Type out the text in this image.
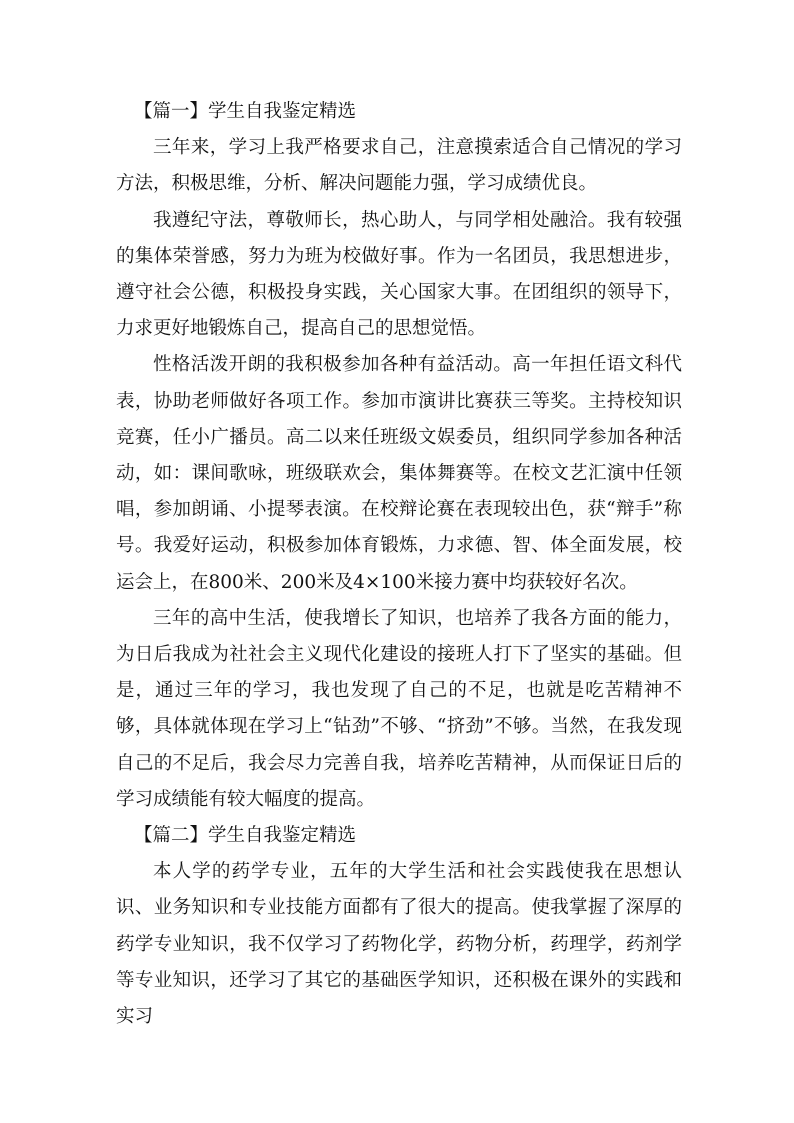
【篇一】学生自我鉴定精选

三年来，学习上我严格要求自己，注意摸索适合自己情况的学习方法，积极思维，分析、解决问题能力强，学习成绩优良。

我遵纪守法，尊敬师长，热心助人，与同学相处融洽。我有较强的集体荣誉感，努力为班为校做好事。作为一名团员，我思想进步，遵守社会公德，积极投身实践，关心国家大事。在团组织的领导下，力求更好地锻炼自己，提高自己的思想觉悟。

性格活泼开朗的我积极参加各种有益活动。高一年担任语文科代表，协助老师做好各项工作。参加市演讲比赛获三等奖。主持校知识竞赛，任小广播员。高二以来任班级文娱委员，组织同学参加各种活动，如：课间歌咏，班级联欢会，集体舞赛等。在校文艺汇演中任领唱，参加朗诵、小提琴表演。在校辩论赛在表现较出色，获“辩手”称号。我爱好运动，积极参加体育锻炼，力求德、智、体全面发展，校运会上，在800米、200米及4×100米接力赛中均获较好名次。

三年的高中生活，使我增长了知识，也培养了我各方面的能力，为日后我成为社社会主义现代化建设的接班人打下了坚实的基础。但是，通过三年的学习，我也发现了自己的不足，也就是吃苦精神不够，具体就体现在学习上“钻劲”不够、“挤劲”不够。当然，在我发现自己的不足后，我会尽力完善自我，培养吃苦精神，从而保证日后的学习成绩能有较大幅度的提高。

【篇二】学生自我鉴定精选

本人学的药学专业，五年的大学生活和社会实践使我在思想认识、业务知识和专业技能方面都有了很大的提高。使我掌握了深厚的药学专业知识，我不仅学习了药物化学，药物分析，药理学，药剂学等专业知识，还学习了其它的基础医学知识，还积极在课外的实践和实习
